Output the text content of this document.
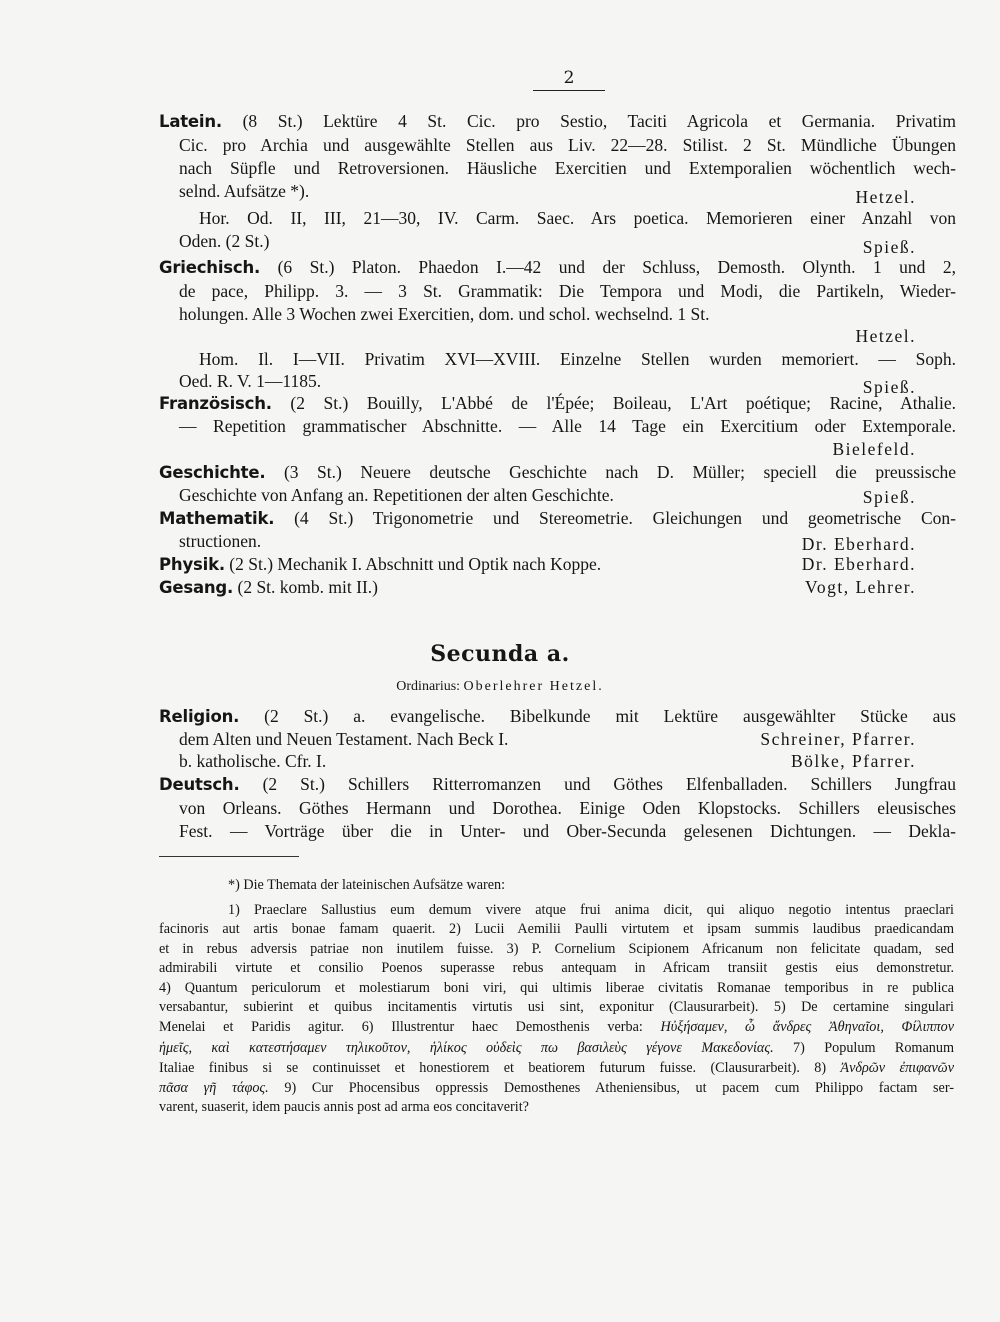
2
Latein. (8 St.) Lektüre 4 St. Cic. pro Sestio, Taciti Agricola et Germania. Privatim
Cic. pro Archia und ausgewählte Stellen aus Liv. 22—28. Stilist. 2 St. Mündliche Übungen
nach Süpfle und Retroversionen. Häusliche Exercitien und Extemporalien wöchentlich wech-
selnd. Aufsätze *).	Hetzel.
Hor. Od. II, III, 21—30, IV. Carm. Saec. Ars poetica. Memorieren einer Anzahl von
Oden. (2 St.)	Spieß.
Griechisch. (6 St.) Platon. Phaedon I.—42 und der Schluss, Demosth. Olynth. 1 und 2,
de pace, Philipp. 3. — 3 St. Grammatik: Die Tempora und Modi, die Partikeln, Wieder-
holungen. Alle 3 Wochen zwei Exercitien, dom. und schol. wechselnd. 1 St.
Hetzel.
Hom. Il. I—VII. Privatim XVI—XVIII. Einzelne Stellen wurden memoriert. — Soph.
Oed. R. V. 1—1185.	Spieß.
Französisch. (2 St.) Bouilly, L'Abbé de l'Épée; Boileau, L'Art poétique; Racine, Athalie.
— Repetition grammatischer Abschnitte. — Alle 14 Tage ein Exercitium oder Extemporale.
Bielefeld.
Geschichte. (3 St.) Neuere deutsche Geschichte nach D. Müller; speciell die preussische
Geschichte von Anfang an. Repetitionen der alten Geschichte.	Spieß.
Mathematik. (4 St.) Trigonometrie und Stereometrie. Gleichungen und geometrische Con-
structionen.	Dr. Eberhard.
Physik. (2 St.) Mechanik I. Abschnitt und Optik nach Koppe.	Dr. Eberhard.
Gesang. (2 St. komb. mit II.)	Vogt, Lehrer.
Secunda a.
Ordinarius: Oberlehrer Hetzel.
Religion. (2 St.) a. evangelische. Bibelkunde mit Lektüre ausgewählter Stücke aus
dem Alten und Neuen Testament. Nach Beck I.	Schreiner, Pfarrer.
b. katholische. Cfr. I.	Bölke, Pfarrer.
Deutsch. (2 St.) Schillers Ritterromanzen und Göthes Elfenballaden. Schillers Jungfrau
von Orleans. Göthes Hermann und Dorothea. Einige Oden Klopstocks. Schillers eleusisches
Fest. — Vorträge über die in Unter- und Ober-Secunda gelesenen Dichtungen. — Dekla-
*) Die Themata der lateinischen Aufsätze waren:
1) Praeclare Sallustius eum demum vivere atque frui anima dicit, qui aliquo negotio intentus praeclari
facinoris aut artis bonae famam quaerit. 2) Lucii Aemilii Paulli virtutem et ipsam summis laudibus praedicandam
et in rebus adversis patriae non inutilem fuisse. 3) P. Cornelium Scipionem Africanum non felicitate quadam, sed
admirabili virtute et consilio Poenos superasse rebus antequam in Africam transiit gestis eius demonstretur.
4) Quantum periculorum et molestiarum boni viri, qui ultimis liberae civitatis Romanae temporibus in re publica
versabantur, subierint et quibus incitamentis virtutis usi sint, exponitur (Clausurarbeit). 5) De certamine singulari
Menelai et Paridis agitur. 6) Illustrentur haec Demosthenis verba: Ηὐξήσαμεν, ὦ ἄνδρες Ἀθηναῖοι, Φίλιππον
ἡμεῖς, καὶ κατεστήσαμεν τηλικοῦτον, ἡλίκος οὐδεὶς πω βασιλεὺς γέγονε Μακεδονίας. 7) Populum Romanum
Italiae finibus si se continuisset et honestiorem et beatiorem futurum fuisse. (Clausurarbeit). 8) Ἀνδρῶν ἐπιφανῶν
πᾶσα γῆ τάφος. 9) Cur Phocensibus oppressis Demosthenes Atheniensibus, ut pacem cum Philippo factam ser-
varent, suaserit, idem paucis annis post ad arma eos concitaverit?
